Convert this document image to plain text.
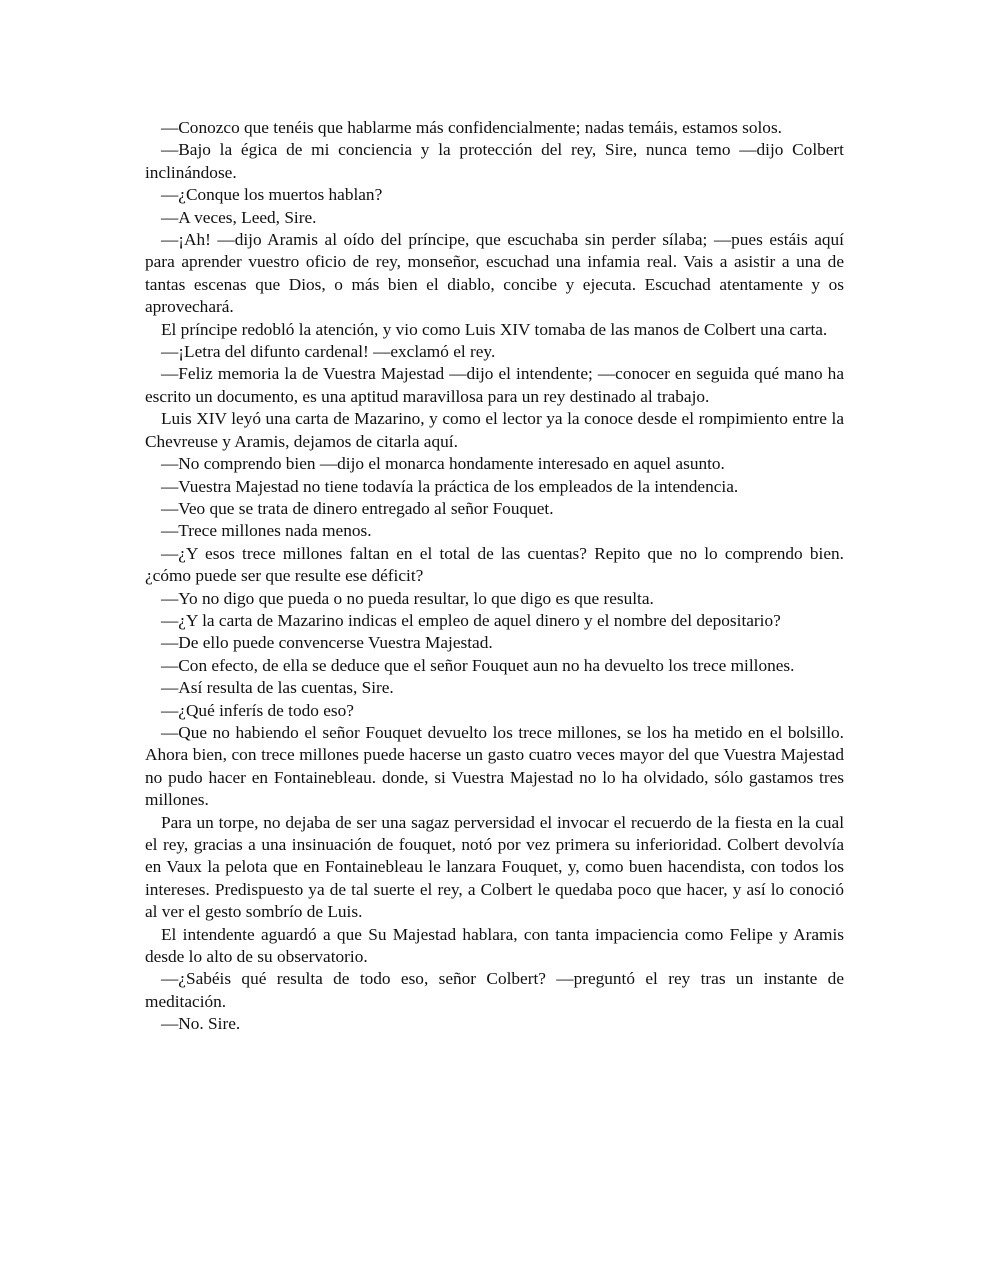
—Conozco que tenéis que hablarme más confidencialmente; nadas temáis, estamos solos.

—Bajo la égica de mi conciencia y la protección del rey, Sire, nunca temo —dijo Colbert inclinándose.

—¿Conque los muertos hablan?

—A veces, Leed, Sire.

—¡Ah! —dijo Aramis al oído del príncipe, que escuchaba sin perder sílaba; —pues estáis aquí para aprender vuestro oficio de rey, monseñor, escuchad una infamia real. Vais a asistir a una de tantas escenas que Dios, o más bien el diablo, concibe y ejecuta. Escuchad atentamente y os aprovechará.

El príncipe redobló la atención, y vio como Luis XIV tomaba de las manos de Colbert una carta.

—¡Letra del difunto cardenal! —exclamó el rey.

—Feliz memoria la de Vuestra Majestad —dijo el intendente; —conocer en seguida qué mano ha escrito un documento, es una aptitud maravillosa para un rey destinado al trabajo.

Luis XIV leyó una carta de Mazarino, y como el lector ya la conoce desde el rompimiento entre la Chevreuse y Aramis, dejamos de citarla aquí.

—No comprendo bien —dijo el monarca hondamente interesado en aquel asunto.

—Vuestra Majestad no tiene todavía la práctica de los empleados de la intendencia.

—Veo que se trata de dinero entregado al señor Fouquet.

—Trece millones nada menos.

—¿Y esos trece millones faltan en el total de las cuentas? Repito que no lo comprendo bien. ¿cómo puede ser que resulte ese déficit?

—Yo no digo que pueda o no pueda resultar, lo que digo es que resulta.

—¿Y la carta de Mazarino indicas el empleo de aquel dinero y el nombre del depositario?

—De ello puede convencerse Vuestra Majestad.

—Con efecto, de ella se deduce que el señor Fouquet aun no ha devuelto los trece millones.

—Así resulta de las cuentas, Sire.

—¿Qué inferís de todo eso?

—Que no habiendo el señor Fouquet devuelto los trece millones, se los ha metido en el bolsillo. Ahora bien, con trece millones puede hacerse un gasto cuatro veces mayor del que Vuestra Majestad no pudo hacer en Fontainebleau. donde, si Vuestra Majestad no lo ha olvidado, sólo gastamos tres millones.

Para un torpe, no dejaba de ser una sagaz perversidad el invocar el recuerdo de la fiesta en la cual el rey, gracias a una insinuación de fouquet, notó por vez primera su inferioridad. Colbert devolvía en Vaux la pelota que en Fontainebleau le lanzara Fouquet, y, como buen hacendista, con todos los intereses. Predispuesto ya de tal suerte el rey, a Colbert le quedaba poco que hacer, y así lo conoció al ver el gesto sombrío de Luis.

El intendente aguardó a que Su Majestad hablara, con tanta impaciencia como Felipe y Aramis desde lo alto de su observatorio.

—¿Sabéis qué resulta de todo eso, señor Colbert? —preguntó el rey tras un instante de meditación.

—No. Sire.
